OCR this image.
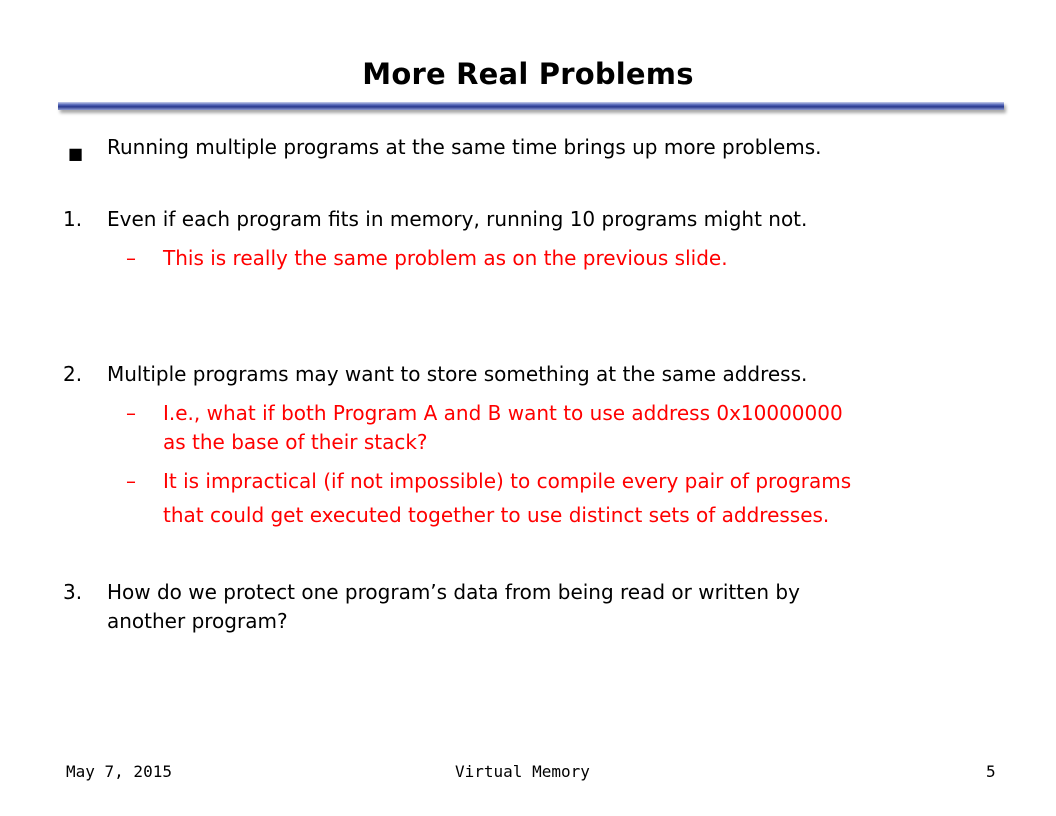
More Real Problems
■ Running multiple programs at the same time brings up more problems.
1.	Even if each program fits in memory, running 10 programs might not.
– This is really the same problem as on the previous slide.
2.	Multiple programs may want to store something at the same address.
– I.e., what if both Program A and B want to use address 0x10000000
as the base of their stack?
– It is impractical (if not impossible) to compile every pair of programs
that could get executed together to use distinct sets of addresses.
3.	How do we protect one program’s data from being read or written by
another program?
May 7, 2015	Virtual Memory	5
